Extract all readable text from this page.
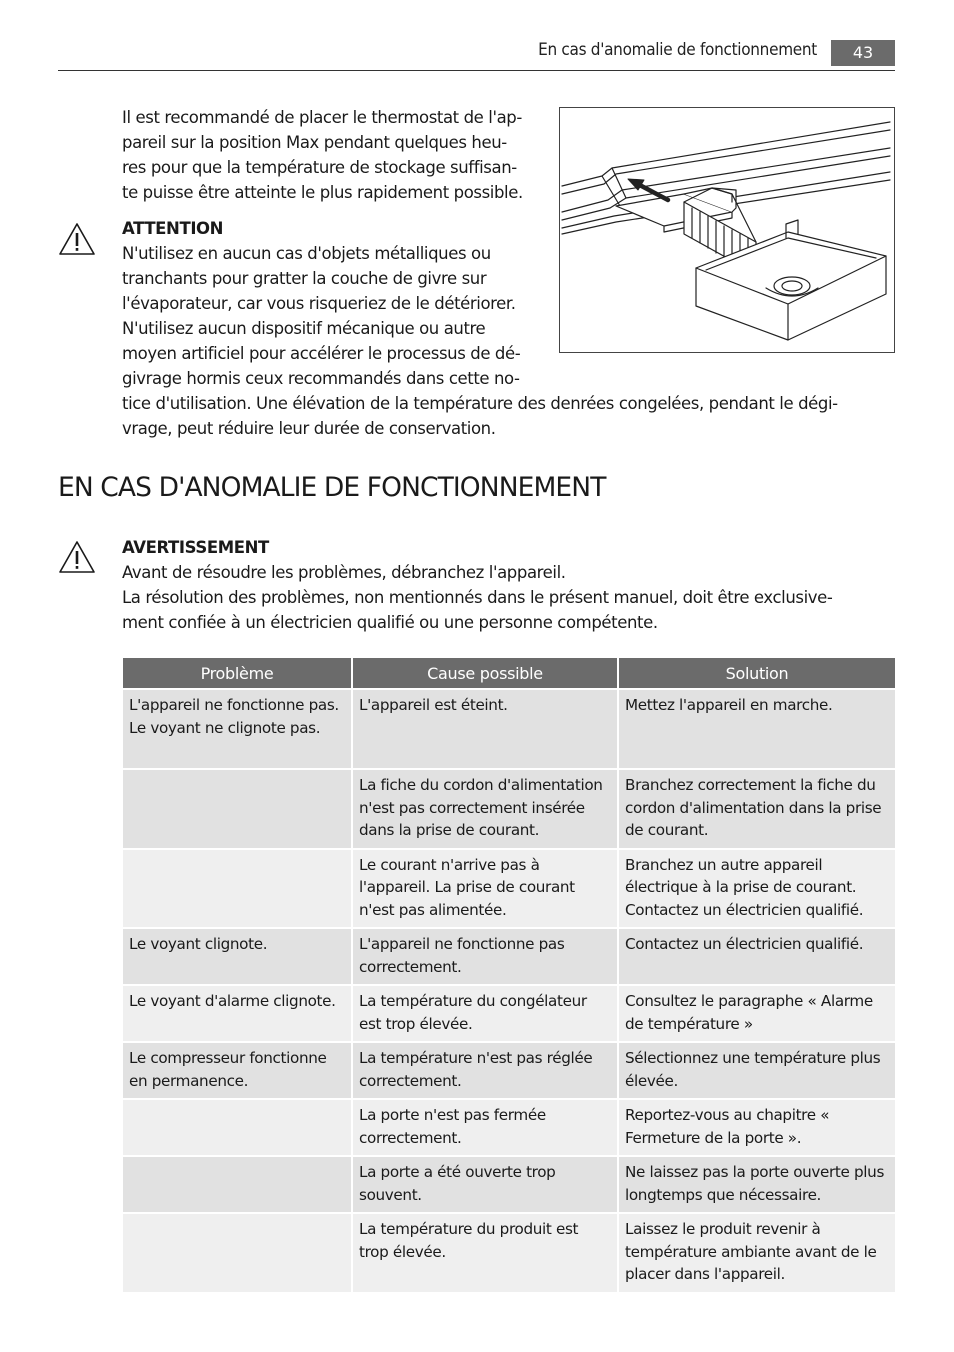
En cas d'anomalie de fonctionnement	43
Il est recommandé de placer le thermostat de l'ap-
pareil sur la position Max pendant quelques heu-
res pour que la température de stockage suffisan-
te puisse être atteinte le plus rapidement possible.
ATTENTION
N'utilisez en aucun cas d'objets métalliques ou
tranchants pour gratter la couche de givre sur
l'évaporateur, car vous risqueriez de le détériorer.
N'utilisez aucun dispositif mécanique ou autre
moyen artificiel pour accélérer le processus de dé-
givrage hormis ceux recommandés dans cette no-
tice d'utilisation. Une élévation de la température des denrées congelées, pendant le dégi-
vrage, peut réduire leur durée de conservation.
EN CAS D'ANOMALIE DE FONCTIONNEMENT
AVERTISSEMENT
Avant de résoudre les problèmes, débranchez l'appareil.
La résolution des problèmes, non mentionnés dans le présent manuel, doit être exclusive-
ment confiée à un électricien qualifié ou une personne compétente.
Problème	Cause possible	Solution
L'appareil ne fonctionne pas. Le voyant ne clignote pas.	L'appareil est éteint.	Mettez l'appareil en marche.
	La fiche du cordon d'alimentation n'est pas correctement insérée dans la prise de courant.	Branchez correctement la fiche du cordon d'alimentation dans la prise de courant.
	Le courant n'arrive pas à l'appareil. La prise de courant n'est pas alimentée.	Branchez un autre appareil électrique à la prise de courant. Contactez un électricien qualifié.
Le voyant clignote.	L'appareil ne fonctionne pas correctement.	Contactez un électricien qualifié.
Le voyant d'alarme clignote.	La température du congélateur est trop élevée.	Consultez le paragraphe « Alarme de température »
Le compresseur fonctionne en permanence.	La température n'est pas réglée correctement.	Sélectionnez une température plus élevée.
	La porte n'est pas fermée correctement.	Reportez-vous au chapitre « Fermeture de la porte ».
	La porte a été ouverte trop souvent.	Ne laissez pas la porte ouverte plus longtemps que nécessaire.
	La température du produit est trop élevée.	Laissez le produit revenir à température ambiante avant de le placer dans l'appareil.
